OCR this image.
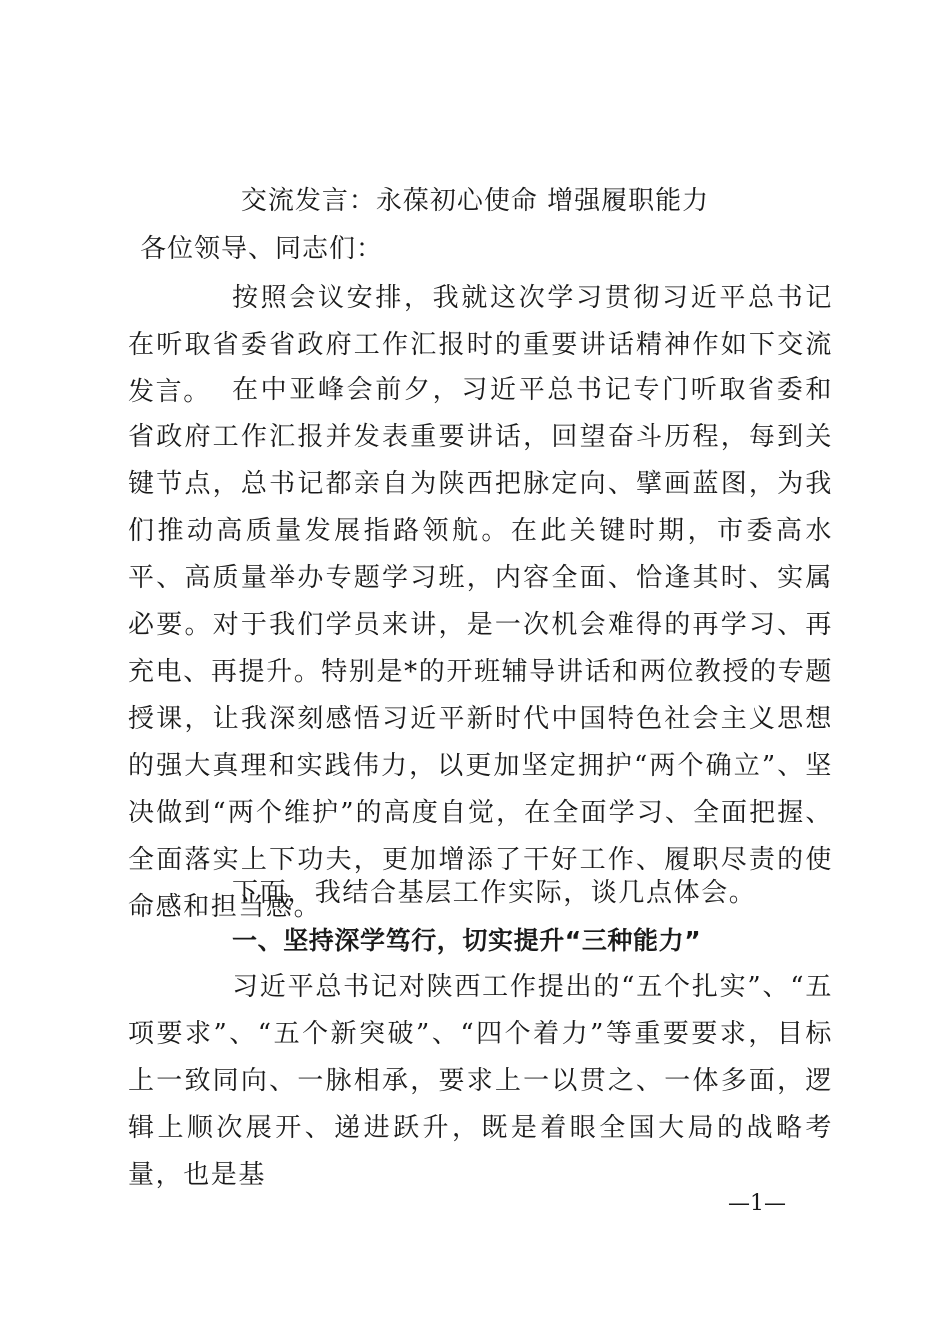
交流发言：永葆初心使命 增强履职能力
各位领导、同志们：

按照会议安排，我就这次学习贯彻习近平总书记在听取省委省政府工作汇报时的重要讲话精神作如下交流发言。 在中亚峰会前夕，习近平总书记专门听取省委和省政府工作汇报并发表重要讲话，回望奋斗历程，每到关键节点，总书记都亲自为陕西把脉定向、擘画蓝图，为我们推动高质量发展指路领航。在此关键时期，市委高水平、高质量举办专题学习班，内容全面、恰逢其时、实属必要。对于我们学员来讲，是一次机会难得的再学习、再充电、再提升。特别是*的开班辅导讲话和两位教授的专题授课，让我深刻感悟习近平新时代中国特色社会主义思想的强大真理和实践伟力，以更加坚定拥护“两个确立”、坚决做到“两个维护”的高度自觉，在全面学习、全面把握、全面落实上下功夫，更加增添了干好工作、履职尽责的使命感和担当感。

下面，我结合基层工作实际，谈几点体会。

一、坚持深学笃行，切实提升“三种能力”

习近平总书记对陕西工作提出的“五个扎实”、“五项要求”、“五个新突破”、“四个着力”等重要要求，目标上一致同向、一脉相承，要求上一以贯之、一体多面，逻辑上顺次展开、递进跃升，既是着眼全国大局的战略考量，也是基

—1—
